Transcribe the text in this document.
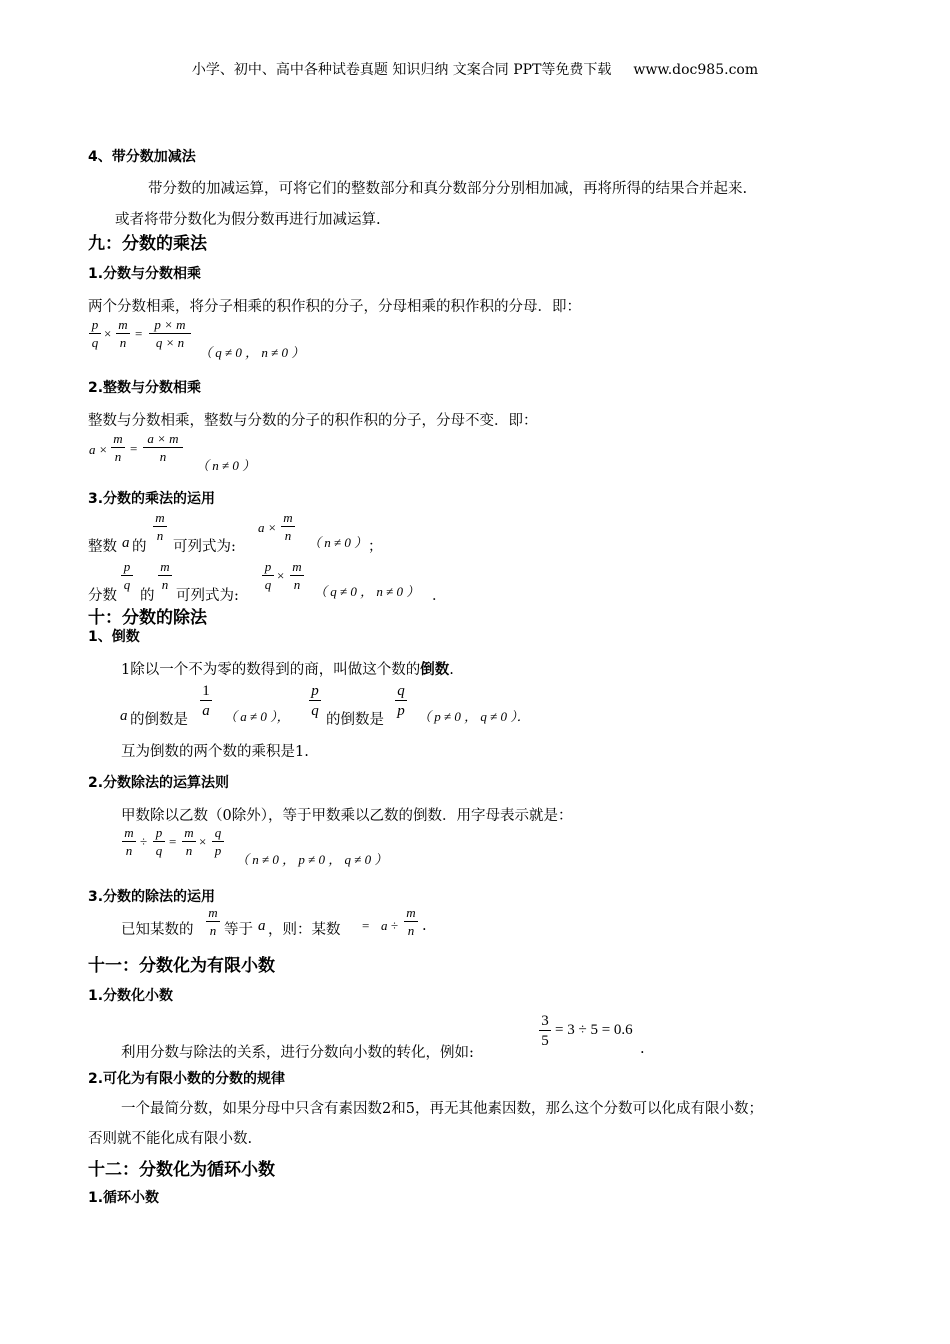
小学、初中、高中各种试卷真题 知识归纳 文案合同 PPT等免费下载 www.doc985.com
4、带分数加减法
带分数的加减运算，可将它们的整数部分和真分数部分分别相加减，再将所得的结果合并起来.
或者将带分数化为假分数再进行加减运算.
九：分数的乘法
1.分数与分数相乘
两个分数相乘，将分子相乘的积作积的分子，分母相乘的积作积的分母．即：
$\frac{p}{q} \times \frac{m}{n} = \frac{p \times m}{q \times n}$
（ q ≠ 0 ， n ≠ 0 ）
2.整数与分数相乘
整数与分数相乘，整数与分数的分子的积作积的分子，分母不变．即：
$a \times \frac{m}{n} = \frac{a \times m}{n}$
（ n ≠ 0 ）
3.分数的乘法的运用
整数 a 的
$\frac{m}{n}$
可列式为:
$a \times \frac{m}{n}$ （ n ≠ 0 ） ；
分数
$\frac{p}{q}$
的
$\frac{m}{n}$
可列式为:
$\frac{p}{q} \times \frac{m}{n}$ （ q ≠ 0 ， n ≠ 0 ） ．
十：分数的除法
1、倒数
1除以一个不为零的数得到的商，叫做这个数的倒数.
a 的倒数是
$\frac{1}{a}$ （ a ≠ 0 ）， $\frac{p}{q}$
的倒数是
$\frac{q}{p}$ （ p ≠ 0 ， q ≠ 0 ）．
互为倒数的两个数的乘积是1.
2.分数除法的运算法则
甲数除以乙数（0除外），等于甲数乘以乙数的倒数．用字母表示就是：
$\frac{m}{n} \div \frac{p}{q} = \frac{m}{n} \times \frac{q}{p}$
（ n ≠ 0 ， p ≠ 0 ， q ≠ 0 ）
3.分数的除法的运用
已知某数的 $\frac{m}{n}$ 等于 a ，则：某数 = $a \div \frac{m}{n}$ .
十一：分数化为有限小数
1.分数化小数
利用分数与除法的关系，进行分数向小数的转化，例如:
$\frac{3}{5} = 3 \div 5 = 0.6$
.
2.可化为有限小数的分数的规律
一个最简分数，如果分母中只含有素因数2和5，再无其他素因数，那么这个分数可以化成有限小数；
否则就不能化成有限小数.
十二：分数化为循环小数
1.循环小数
